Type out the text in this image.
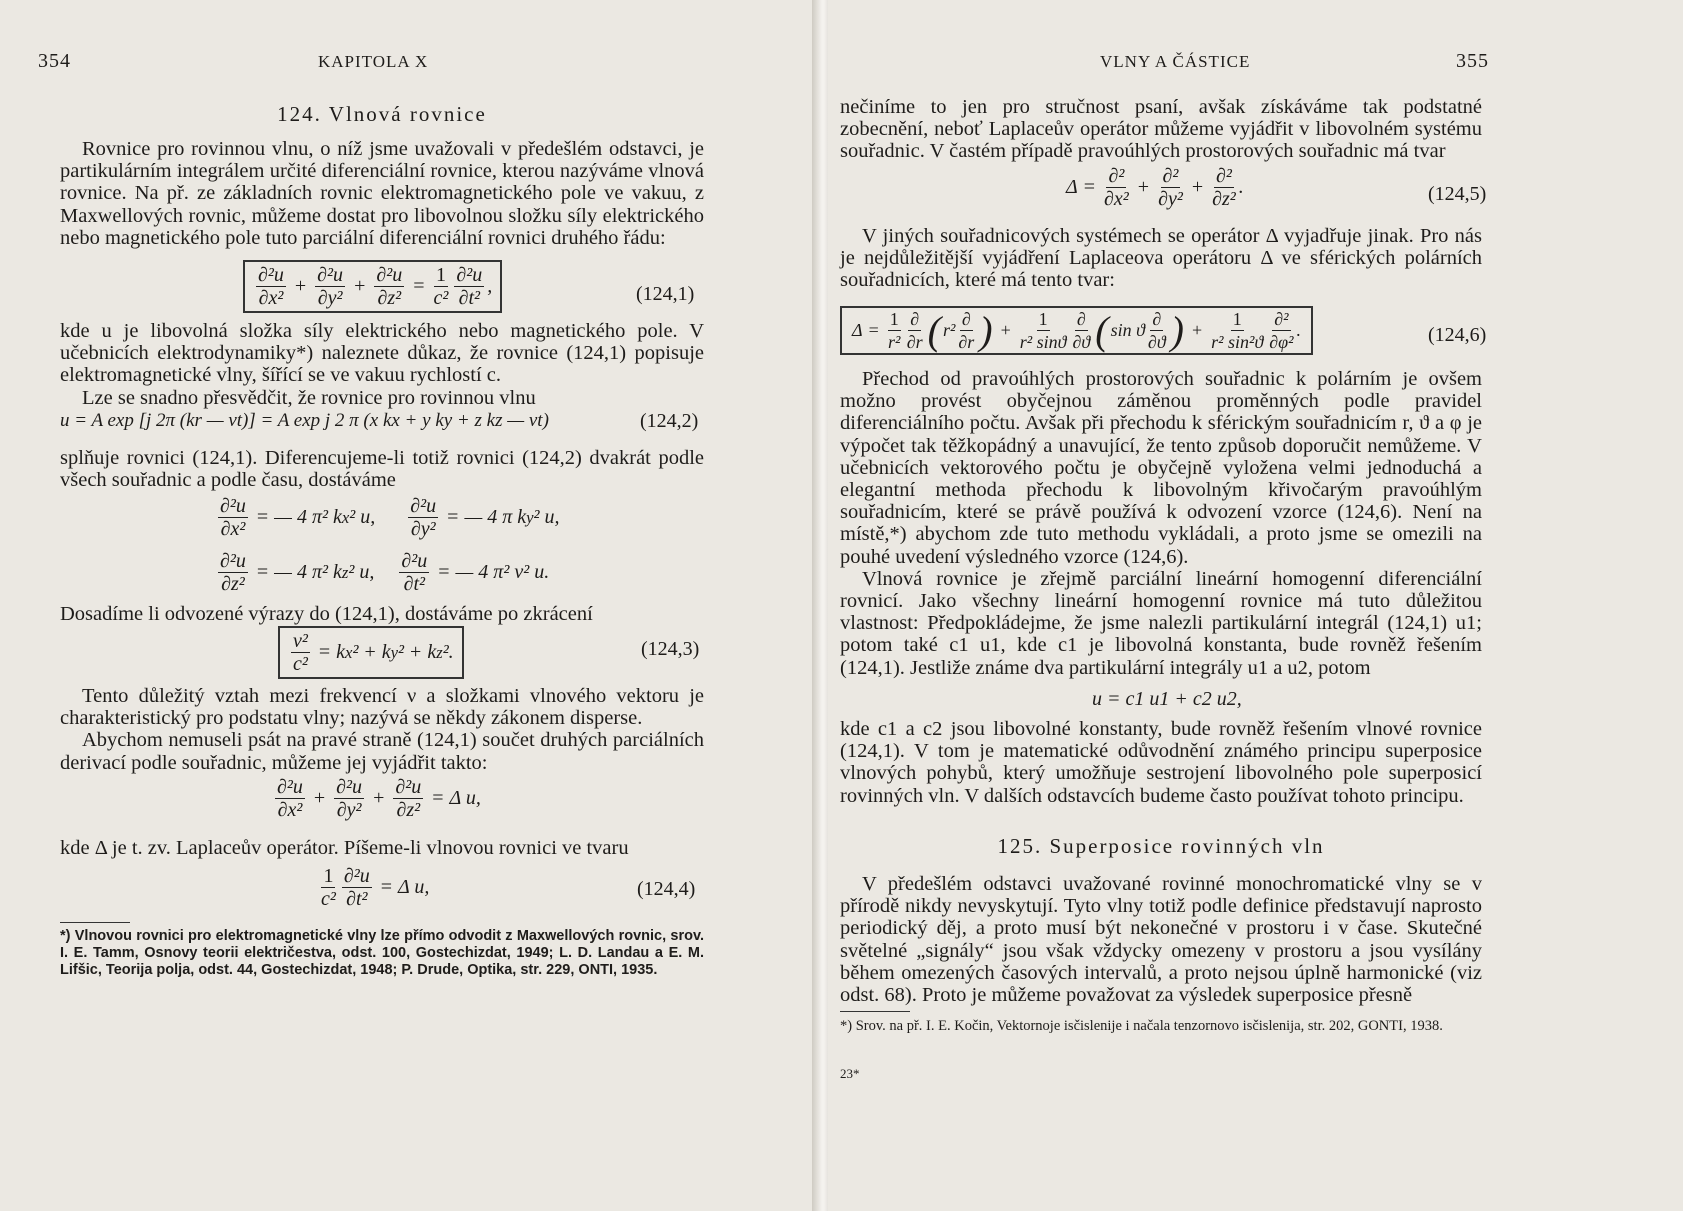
354	KAPITOLA X

124. Vlnová rovnice

Rovnice pro rovinnou vlnu, o níž jsme uvažovali v předešlém odstavci, je partikulárním integrálem určité diferenciální rovnice, kterou nazýváme vlnová rovnice. Na př. ze základních rovnic elektromagnetického pole ve vakuu, z Maxwellových rovnic, můžeme dostat pro libovolnou složku síly elektrického nebo magnetického pole tuto parciální diferenciální rovnici druhého řádu:

$\frac{\text{∂²u}}{\text{∂x²}} + \frac{\text{∂²u}}{\text{∂y²}} + \frac{\text{∂²u}}{\text{∂z²}} = \frac{1}{\text{c²}} \frac{\text{∂²u}}{\text{∂t²}}$ ,	(124,1)

kde u je libovolná složka síly elektrického nebo magnetického pole. V učebnicích elektrodynamiky*) naleznete důkaz, že rovnice (124,1) popisuje elektromagnetické vlny, šířící se ve vakuu rychlostí c.

Lze se snadno přesvědčit, že rovnice pro rovinnou vlnu

u = A exp [j 2π (kr — νt)] = A exp j 2 π (x kx + y ky + z kz — νt)	(124,2)

splňuje rovnici (124,1). Diferencujeme-li totiž rovnici (124,2) dvakrát podle všech souřadnic a podle času, dostáváme

$\frac{\text{∂²u}}{\text{∂x²}}$ = — 4 π² k x ² u, $\frac{\text{∂²u}}{\text{∂y²}}$ = — 4 π k y ² u,
$\frac{\text{∂²u}}{\text{∂z²}}$ = — 4 π² k z ² u, $\frac{\text{∂²u}}{\text{∂t²}}$ = — 4 π² ν² u.

Dosadíme li odvozené výrazy do (124,1), dostáváme po zkrácení

$\frac{\text{ν²}}{\text{c²}} = k$ x ² + k y ² + k z ².	(124,3)

Tento důležitý vztah mezi frekvencí ν a složkami vlnového vektoru je charakteristický pro podstatu vlny; nazývá se někdy zákonem disperse.

Abychom nemuseli psát na pravé straně (124,1) součet druhých parciálních derivací podle souřadnic, můžeme jej vyjádřit takto:

$\frac{\text{∂²u}}{\text{∂x²}} + \frac{\text{∂²u}}{\text{∂y²}} + \frac{\text{∂²u}}{\text{∂z²}} = \Delta$ u,

kde Δ je t. zv. Laplaceův operátor. Píšeme-li vlnovou rovnici ve tvaru

$\frac{1}{\text{c²}} \frac{\text{∂²u}}{\text{∂t²}} = \Delta$ u,	(124,4)

*) Vlnovou rovnici pro elektromagnetické vlny lze přímo odvodit z Maxwellových rovnic, srov. I. E. Tamm, Osnovy teorii električestva, odst. 100, Gostechizdat, 1949; L. D. Landau a E. M. Lifšic, Teorija polja, odst. 44, Gostechizdat, 1948; P. Drude, Optika, str. 229, ONTI, 1935.

VLNY A ČÁSTICE	355

nečiníme to jen pro stručnost psaní, avšak získáváme tak podstatné zobecnění, neboť Laplaceův operátor můžeme vyjádřit v libovolném systému souřadnic. V častém případě pravoúhlých prostorových souřadnic má tvar

$\Delta = \frac{\text{∂²}}{\text{∂x²}} + \frac{\text{∂²}}{\text{∂y²}} + \frac{\text{∂²}}{\text{∂z²}}$ .	(124,5)

V jiných souřadnicových systémech se operátor Δ vyjadřuje jinak. Pro nás je nejdůležitější vyjádření Laplaceova operátoru Δ ve sférických polárních souřadnicích, které má tento tvar:

$\Delta = \frac{1}{\text{r²}} \frac{\partial}{\partial r}$ ( $r^2 \frac{\partial}{\partial r}$ ) + $\frac{1}{\text{r² sinϑ}} \frac{\partial}{\partial ϑ}$ ( sin ϑ $\frac{\partial}{\partial ϑ}$ ) + $\frac{1}{\text{r² sin²ϑ}} \frac{\text{∂²}}{\text{∂φ²}}$ .	(124,6)

Přechod od pravoúhlých prostorových souřadnic k polárním je ovšem možno provést obyčejnou záměnou proměnných podle pravidel diferenciálního počtu. Avšak při přechodu k sférickým souřadnicím r, ϑ a φ je výpočet tak těžkopádný a unavující, že tento způsob doporučit nemůžeme. V učebnicích vektorového počtu je obyčejně vyložena velmi jednoduchá a elegantní methoda přechodu k libovolným křivočarým pravoúhlým souřadnicím, které se právě používá k odvození vzorce (124,6). Není na místě,*) abychom zde tuto methodu vykládali, a proto jsme se omezili na pouhé uvedení výsledného vzorce (124,6).

Vlnová rovnice je zřejmě parciální lineární homogenní diferenciální rovnicí. Jako všechny lineární homogenní rovnice má tuto důležitou vlastnost: Předpokládejme, že jsme nalezli partikulární integrál (124,1) u1; potom také c1 u1, kde c1 je libovolná konstanta, bude rovněž řešením (124,1). Jestliže známe dva partikulární integrály u1 a u2, potom

u = c1 u1 + c2 u2,

kde c1 a c2 jsou libovolné konstanty, bude rovněž řešením vlnové rovnice (124,1). V tom je matematické odůvodnění známého principu superposice vlnových pohybů, který umožňuje sestrojení libovolného pole superposicí rovinných vln. V dalších odstavcích budeme často používat tohoto principu.

125. Superposice rovinných vln

V předešlém odstavci uvažované rovinné monochromatické vlny se v přírodě nikdy nevyskytují. Tyto vlny totiž podle definice představují naprosto periodický děj, a proto musí být nekonečné v prostoru i v čase. Skutečné světelné „signály“ jsou však vždycky omezeny v prostoru a jsou vysílány během omezených časových intervalů, a proto nejsou úplně harmonické (viz odst. 68). Proto je můžeme považovat za výsledek superposice přesně

*) Srov. na př. I. E. Kočin, Vektornoje isčislenije i načala tenzornovo isčislenija, str. 202, GONTI, 1938.

23*
